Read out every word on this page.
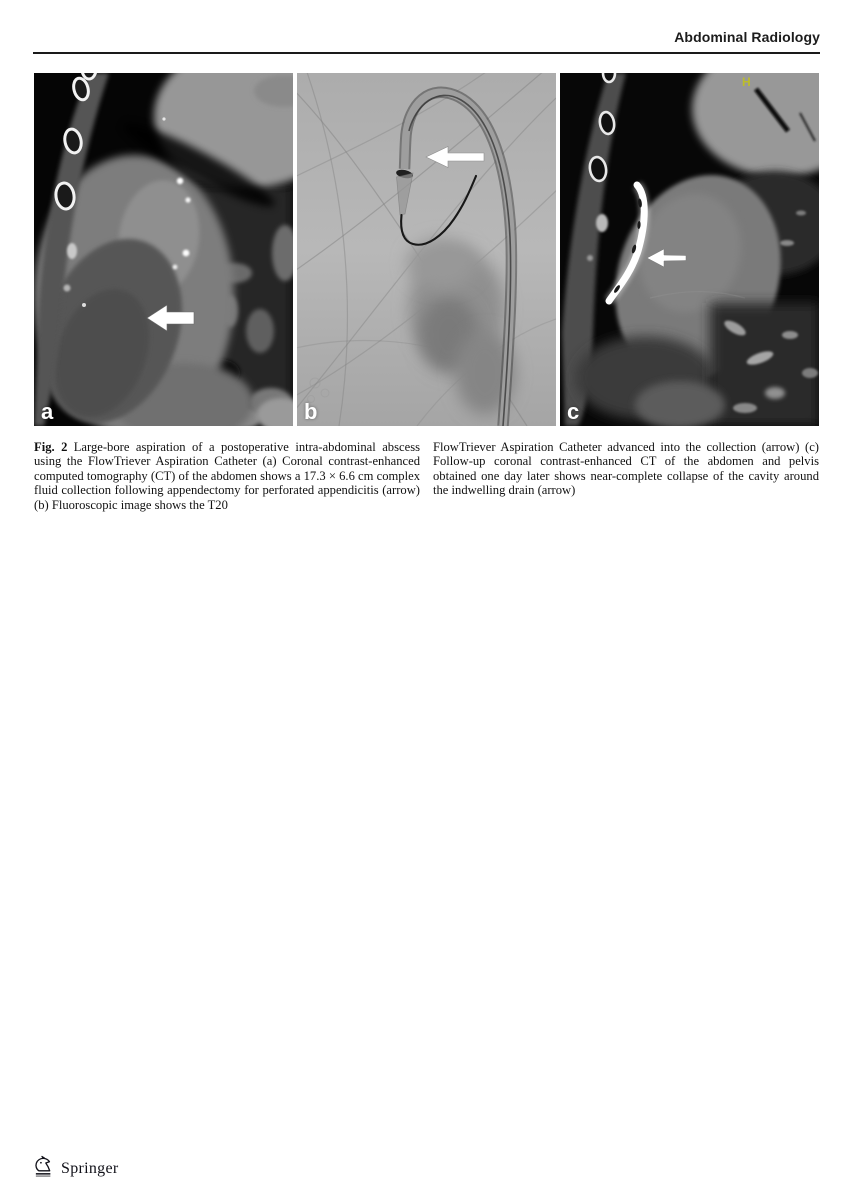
Abdominal Radiology
a	b
H
c

Fig. 2  Large-bore aspiration of a postoperative intra-abdominal abscess using the FlowTriever Aspiration Catheter (a) Coronal contrast-enhanced computed tomography (CT) of the abdomen shows a 17.3 × 6.6 cm complex fluid collection following appendectomy for perforated appendicitis (arrow) (b) Fluoroscopic image shows the T20

FlowTriever Aspiration Catheter advanced into the collection (arrow) (c) Follow-up coronal contrast-enhanced CT of the abdomen and pelvis obtained one day later shows near-complete collapse of the cavity around the indwelling drain (arrow)

Springer
